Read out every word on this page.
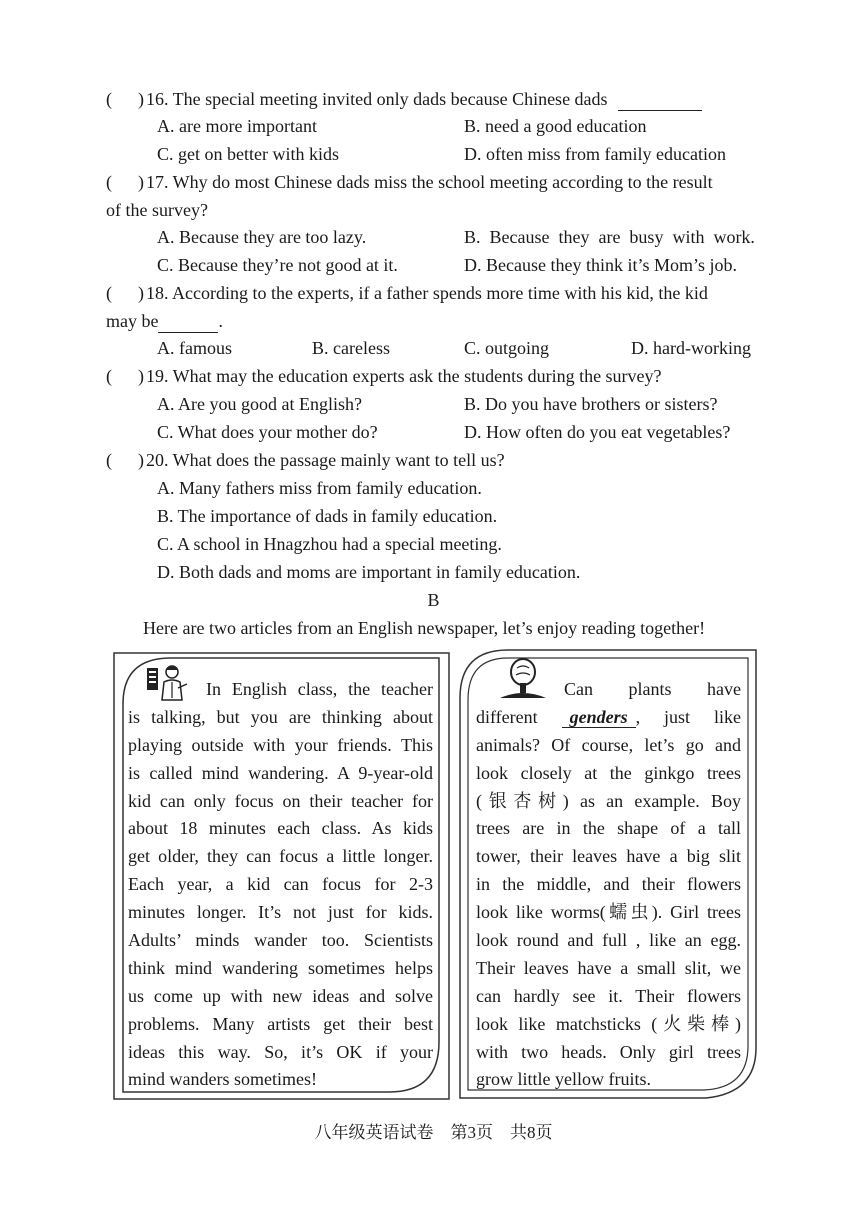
( ) 16. The special meeting invited only dads because Chinese dads
A. are more important	B. need a good education
C. get on better with kids	D. often miss from family education
( ) 17. Why do most Chinese dads miss the school meeting according to the result
of the survey?
A. Because they are too lazy.	B.  Because  they  are  busy  with  work.
C. Because they’re not good at it.	D. Because they think it’s Mom’s job.
( ) 18. According to the experts, if a father spends more time with his kid, the kid
may be	.
A. famous	B. careless	C. outgoing	D. hard-working
( ) 19. What may the education experts ask the students during the survey?
A. Are you good at English?	B. Do you have brothers or sisters?
C. What does your mother do?	D. How often do you eat vegetables?
( ) 20. What does the passage mainly want to tell us?
A. Many fathers miss from family education.
B. The importance of dads in family education.
C. A school in Hnagzhou had a special meeting.
D. Both dads and moms are important in family education.
B
Here are two articles from an English newspaper, let’s enjoy reading together!
In English class, the teacher
is talking, but you are thinking about
playing outside with your friends. This
is called mind wandering. A 9-year-old
kid can only focus on their teacher for
about 18 minutes each class. As kids
get older, they can focus a little longer.
Each year, a kid can focus for 2-3
minutes longer. It’s not just for kids.
Adults’ minds wander too. Scientists
think mind wandering sometimes helps
us come up with new ideas and solve
problems. Many artists get their best
ideas this way. So, it’s OK if your
mind wanders sometimes!
Can plants have
different genders , just like
animals? Of course, let’s go and
look closely at the ginkgo trees
(银杏树) as an example. Boy
trees are in the shape of a tall
tower, their leaves have a big slit
in the middle, and their flowers
look like worms(蠕虫). Girl trees
look round and full , like an egg.
Their leaves have a small slit, we
can hardly see it. Their flowers
look like matchsticks (火柴棒)
with two heads. Only girl trees
grow little yellow fruits.
八年级英语试卷　第3页　共8页
